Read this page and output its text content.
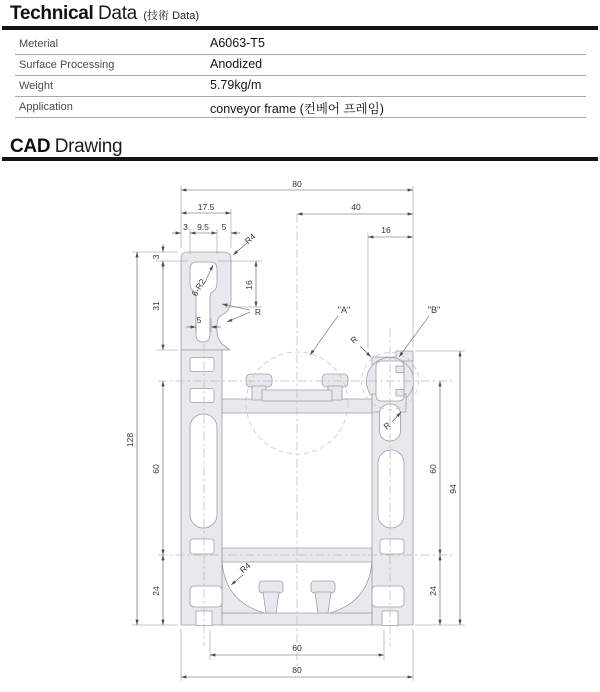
Technical Data (技術 Data)
Meterial	A6063-T5
Surface Processing	Anodized
Weight	5.79kg/m
Application	conveyor frame (컨베어 프레임)
CAD Drawing
80
40
17.5
16
3 9.5 5
3
31
128
60
24
16
5
94
60
24
60
80
R4
6-R2
R	"A"	"B"
R
R
R4
